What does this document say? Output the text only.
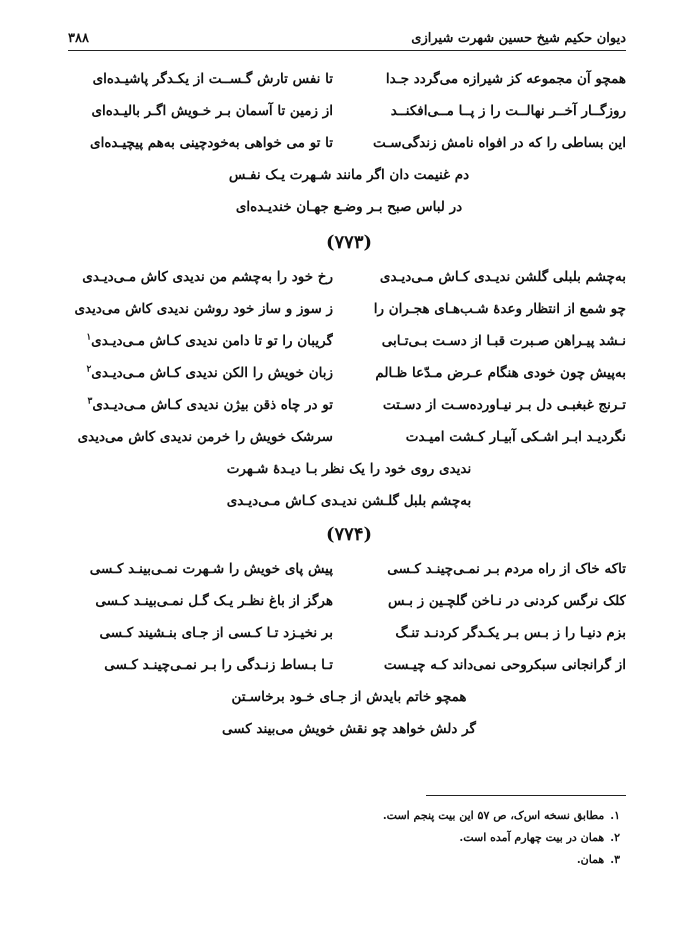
دیوان حکیم شیخ حسین شهرت شیرازی
۳۸۸
همچو آن مجموعه کز شیرازه می‌گردد جـدا
تا نفس تارش گـســت از یکـدگر پاشیـده‌ای
روزگــار آخــر نهالــت را ز پــا مــی‌افکنــد
از زمین تا آسمان بـر خـویش اگـر بالیـده‌ای
این بساطی را که در افواه نامش زندگی‌سـت
تا تو می خواهی به‌خودچینی به‌هم پیچیـده‌ای
دم غنیمت دان اگر مانند شـهرت یـک نفـس
در لباس صبح بـر وضـع جهـان خندیـده‌ای
(۷۷۳)
به‌چشم بلبلی گلشن ندیـدی کـاش مـی‌دیـدی
رخ خود را به‌چشم من ندیدی کاش مـی‌دیـدی
چو شمع از انتظار وعدهٔ شـب‌هـای هجـران را
ز سوز و ساز خود روشن ندیدی کاش می‌دیدی
نـشد پیـراهن صـبرت قبـا از دسـت بـی‌تـابی
گریبان را تو تا دامن ندیدی کـاش مـی‌دیـدی$^۱$
به‌پیش چون خودی هنگام عـرض مـدّعا ظـالم
زبان خویش را الکن ندیدی کـاش مـی‌دیـدی$^۲$
تـرنج غبغبـی دل بـر نیـاورده‌سـت از دسـتت
تو در چاه ذقن بیژن ندیدی کـاش مـی‌دیـدی$^۳$
نگردیـد ابـر اشـکی آبیـار کـشت امیـدت
سرشک خویش را خرمن ندیدی کاش می‌دیدی
ندیدی روی خود را یک نظر بـا دیـدهٔ شـهرت
به‌چشم بلبل گلـشن ندیـدی کـاش مـی‌دیـدی
(۷۷۴)
تاکه خاک از راه مردم بـر نمـی‌چینـد کـسی
پیش پای خویش را شـهرت نمـی‌بینـد کـسی
کلک نرگس کردنی در نـاخن گلچـین ز بـس
هرگز از باغ نظـر یـک گـل نمـی‌بینـد کـسی
بزم دنیـا را ز بـس بـر یکـدگر کردنـد تنـگ
بر نخیـزد تـا کـسی از جـای بنـشیند کـسی
از گرانجانی سبکروحی نمی‌داند کـه چیـست
تـا بـساط زنـدگی را بـر نمـی‌چینـد کـسی
همچو خاتم بایدش از جـای خـود برخاسـتن
گر دلش خواهد چو نقش خویش می‌بیند کسی
۱.مطابق نسخه اس‌ک، ص ۵۷ این بیت پنجم است.
۲.همان در بیت چهارم آمده است.
۳.همان.
